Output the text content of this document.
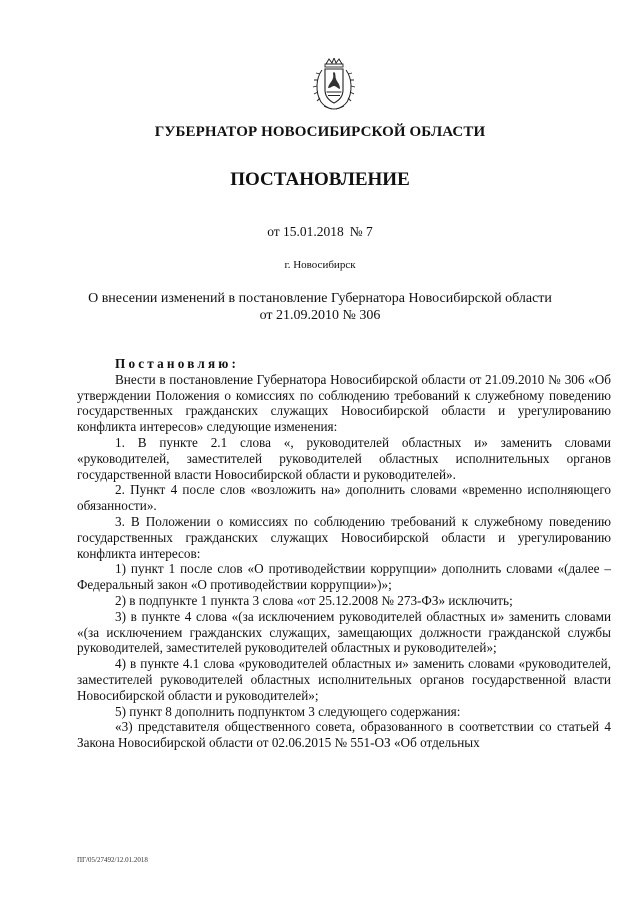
ГУБЕРНАТОР НОВОСИБИРСКОЙ ОБЛАСТИ
ПОСТАНОВЛЕНИЕ
от 15.01.2018 № 7
г. Новосибирск
О внесении изменений в постановление Губернатора Новосибирской области
от 21.09.2010 № 306

Постановляю:

Внести в постановление Губернатора Новосибирской области от 21.09.2010 № 306 «Об утверждении Положения о комиссиях по соблюдению требований к служебному поведению государственных гражданских служащих Новосибирской области и урегулированию конфликта интересов» следующие изменения:

1. В пункте 2.1 слова «, руководителей областных и» заменить словами «руководителей, заместителей руководителей областных исполнительных органов государственной власти Новосибирской области и руководителей».

2. Пункт 4 после слов «возложить на» дополнить словами «временно исполняющего обязанности».

3. В Положении о комиссиях по соблюдению требований к служебному поведению государственных гражданских служащих Новосибирской области и урегулированию конфликта интересов:

1) пункт 1 после слов «О противодействии коррупции» дополнить словами «(далее – Федеральный закон «О противодействии коррупции»)»;

2) в подпункте 1 пункта 3 слова «от 25.12.2008 № 273-ФЗ» исключить;

3) в пункте 4 слова «(за исключением руководителей областных и» заменить словами «(за исключением гражданских служащих, замещающих должности гражданской службы руководителей, заместителей руководителей областных и руководителей»;

4) в пункте 4.1 слова «руководителей областных и» заменить словами «руководителей, заместителей руководителей областных исполнительных органов государственной власти Новосибирской области и руководителей»;

5) пункт 8 дополнить подпунктом 3 следующего содержания:

«3) представителя общественного совета, образованного в соответствии со статьей 4 Закона Новосибирской области от 02.06.2015 № 551-ОЗ «Об отдельных

ПГ/05/27492/12.01.2018
